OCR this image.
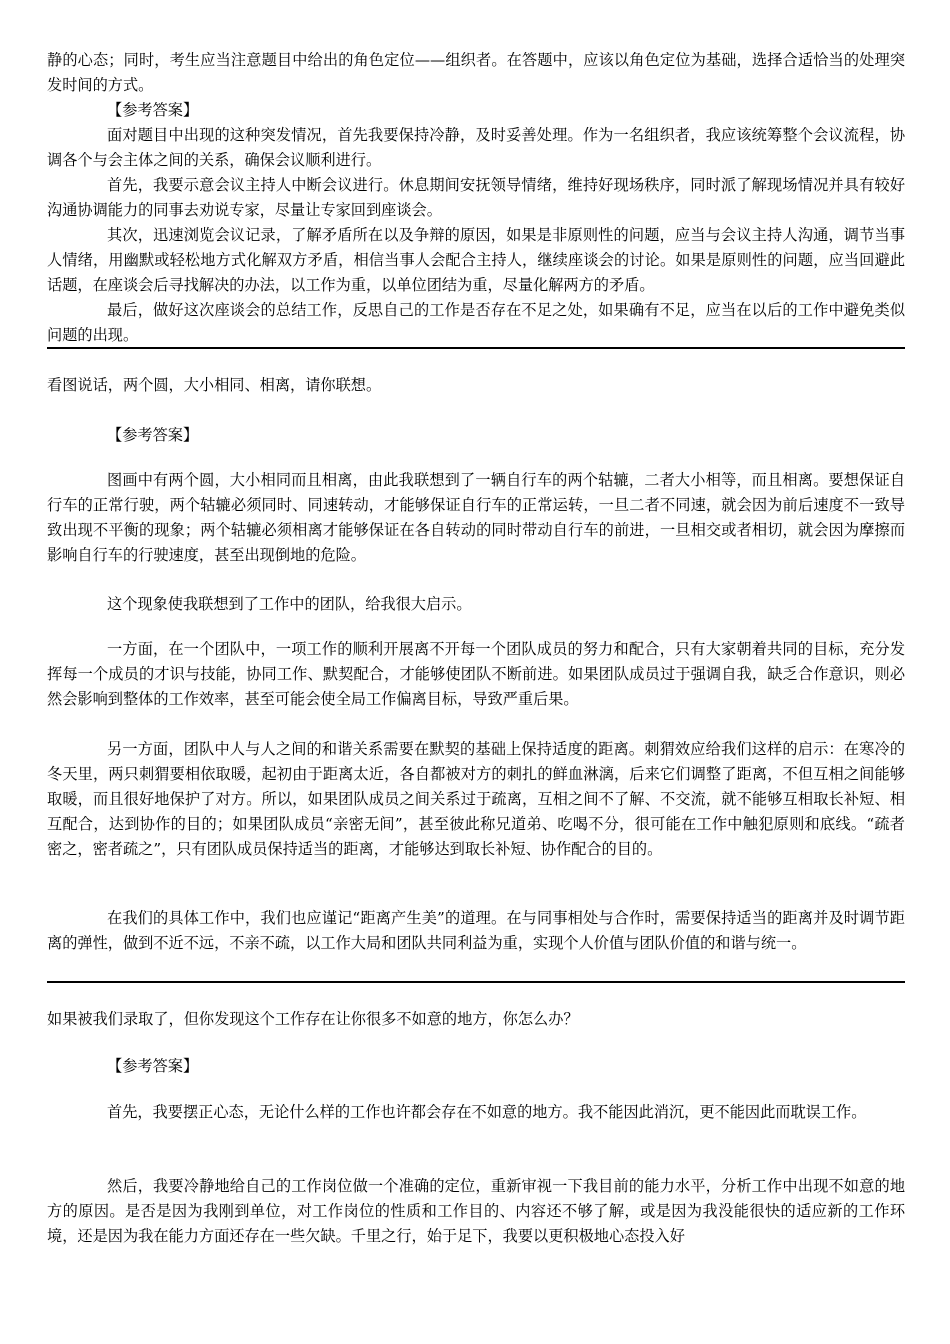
静的心态；同时，考生应当注意题目中给出的角色定位——组织者。在答题中，应该以角色定位为基础，选择合适恰当的处理突发时间的方式。

【参考答案】

面对题目中出现的这种突发情况，首先我要保持冷静，及时妥善处理。作为一名组织者，我应该统筹整个会议流程，协调各个与会主体之间的关系，确保会议顺利进行。

首先，我要示意会议主持人中断会议进行。休息期间安抚领导情绪，维持好现场秩序，同时派了解现场情况并具有较好沟通协调能力的同事去劝说专家，尽量让专家回到座谈会。

其次，迅速浏览会议记录，了解矛盾所在以及争辩的原因，如果是非原则性的问题，应当与会议主持人沟通，调节当事人情绪，用幽默或轻松地方式化解双方矛盾，相信当事人会配合主持人，继续座谈会的讨论。如果是原则性的问题，应当回避此话题，在座谈会后寻找解决的办法，以工作为重，以单位团结为重，尽量化解两方的矛盾。

最后，做好这次座谈会的总结工作，反思自己的工作是否存在不足之处，如果确有不足，应当在以后的工作中避免类似问题的出现。

看图说话，两个圆，大小相同、相离，请你联想。

【参考答案】

图画中有两个圆，大小相同而且相离，由此我联想到了一辆自行车的两个轱辘，二者大小相等，而且相离。要想保证自行车的正常行驶，两个轱辘必须同时、同速转动，才能够保证自行车的正常运转，一旦二者不同速，就会因为前后速度不一致导致出现不平衡的现象；两个轱辘必须相离才能够保证在各自转动的同时带动自行车的前进，一旦相交或者相切，就会因为摩擦而影响自行车的行驶速度，甚至出现倒地的危险。

这个现象使我联想到了工作中的团队，给我很大启示。

一方面，在一个团队中，一项工作的顺利开展离不开每一个团队成员的努力和配合，只有大家朝着共同的目标，充分发挥每一个成员的才识与技能，协同工作、默契配合，才能够使团队不断前进。如果团队成员过于强调自我，缺乏合作意识，则必然会影响到整体的工作效率，甚至可能会使全局工作偏离目标，导致严重后果。

另一方面，团队中人与人之间的和谐关系需要在默契的基础上保持适度的距离。刺猬效应给我们这样的启示：在寒冷的冬天里，两只刺猬要相依取暖，起初由于距离太近，各自都被对方的刺扎的鲜血淋漓，后来它们调整了距离，不但互相之间能够取暖，而且很好地保护了对方。所以，如果团队成员之间关系过于疏离，互相之间不了解、不交流，就不能够互相取长补短、相互配合，达到协作的目的；如果团队成员“亲密无间”，甚至彼此称兄道弟、吃喝不分，很可能在工作中触犯原则和底线。“疏者密之，密者疏之”，只有团队成员保持适当的距离，才能够达到取长补短、协作配合的目的。

在我们的具体工作中，我们也应谨记“距离产生美”的道理。在与同事相处与合作时，需要保持适当的距离并及时调节距离的弹性，做到不近不远，不亲不疏，以工作大局和团队共同利益为重，实现个人价值与团队价值的和谐与统一。

如果被我们录取了，但你发现这个工作存在让你很多不如意的地方，你怎么办？

【参考答案】

首先，我要摆正心态，无论什么样的工作也许都会存在不如意的地方。我不能因此消沉，更不能因此而耽误工作。

然后，我要冷静地给自己的工作岗位做一个准确的定位，重新审视一下我目前的能力水平，分析工作中出现不如意的地方的原因。是否是因为我刚到单位，对工作岗位的性质和工作目的、内容还不够了解，或是因为我没能很快的适应新的工作环境，还是因为我在能力方面还存在一些欠缺。千里之行，始于足下，我要以更积极地心态投入好
